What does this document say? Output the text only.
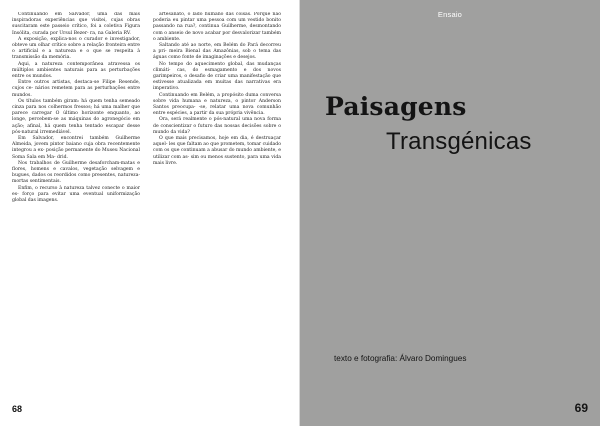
Continuando em Salvador, uma das mais inspiradoras experiências que visitei, cujas obras suscitaram este passeio crítico, foi a coletiva Figura Insólita, curada por Ursul Bezer- ra, na Galeria RV.

A exposição, explica-nos o curador e investigador, obteve um olhar crítico sobre a relação fronteira entre o artificial e a natureza e o que se respeita à transmissão da memória.

Aqui, a natureza contemporânea atravessa os múltiplos ambientes naturais para as perturbações entre os mundos.

Entre outros artistas, destaca-se Filipe Resende, cujos ce- nários remetem para as perturbações entre mundos.

Os títulos também giram: há quem tenha semeado cinza para nos colhermos fressos; há uma malher que parece carregar O último horizonte enquanto, ao longe, percebem-se as máquinas do agronegócio em ação; afinal, há quem tenha tentado escapar desse pós-natural irremediável.

Em Salvador, encontrei também Guilherme Almeida, jovem pintor baiano cuja obra recentemente integrou a ex- posição permanente do Museu Nacional Soma Sala em Ma- drid.

Nos trabalhos de Guilherme desaforcham-matas e flores, homens e cavalos, vegetação selvagem e bugues, dados os reordidos como presentes, natureza-mortas sentimentais.

Enfim, o recurso à natureza talvez conecte o maior es- forço para evitar uma eventual uniformização global das imagens.

artesanato, o lado humano das coisas. Porque não poderia eu pintar uma pessoa com um vestido bonito passando na rua?, continua Guilherme, desmontando com o anseio de novo acabar por desvalorizar também o ambiente.

Saltando até ao norte, em Belém do Pará decorreu a pri- meira Bienal das Amazônias, sob o tema das águas como fonte de imaginações e desejos.

No tempo do aquecimento global, das mudanças climáti- cas, do esmagamento e dos novos garimpeiros, o desafio de criar uma manifestação que estivesse atualizada em muitas das narrativas era imperativo.

Continuando em Belém, a propósito duma conversa sobre vida humana e natureza, o pintor Anderson Santos preocupa- -se, relatar uma nova comunhão entre espécies, a partir da sua própria vivência.

Ora, será realmente o pós-natural uma nova forma de conscientizar o futuro das nossas decisões sobre o mundo da vida?

O que mais precisamos, hoje em dia, é destruaçar aquel- les que faltam ao que prometem, tomar cuidado com os que continuam a abusar do mundo ambiente, e utilizar com as- sim ou menos sustento, para uma vida mais livre.

68
Ensaio
Paisagens
Transgénicas
texto e fotografia: Álvaro Domingues
69
